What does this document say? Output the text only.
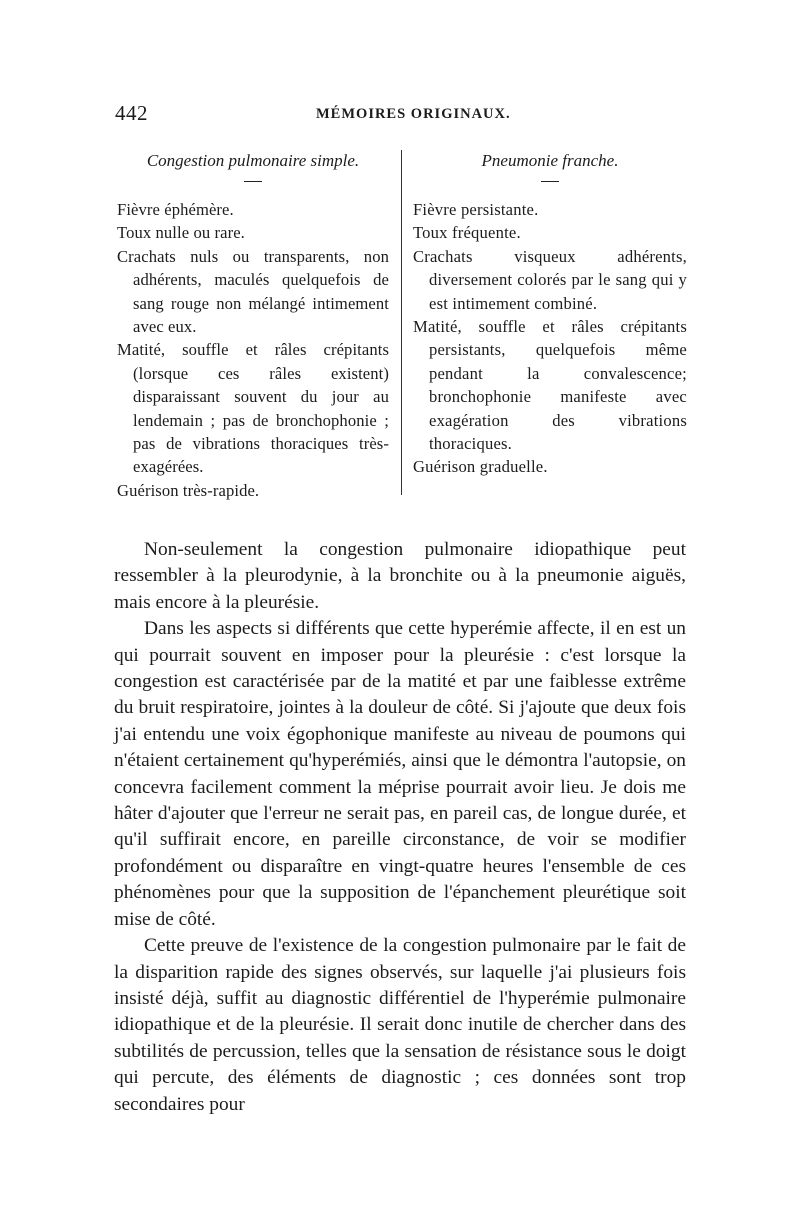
442	MÉMOIRES ORIGINAUX.
Congestion pulmonaire simple.

Fièvre éphémère.

Toux nulle ou rare.

Crachats nuls ou transparents, non adhérents, maculés quelquefois de sang rouge non mélangé intimement avec eux.

Matité, souffle et râles crépitants (lorsque ces râles existent) disparaissant souvent du jour au lendemain ; pas de bronchophonie ; pas de vibrations thoraciques très-exagérées.

Guérison très-rapide.

Pneumonie franche.

Fièvre persistante.

Toux fréquente.

Crachats visqueux adhérents, diversement colorés par le sang qui y est intimement combiné.

Matité, souffle et râles crépitants persistants, quelquefois même pendant la convalescence; bronchophonie manifeste avec exagération des vibrations thoraciques.

Guérison graduelle.

Non-seulement la congestion pulmonaire idiopathique peut ressembler à la pleurodynie, à la bronchite ou à la pneumonie aiguës, mais encore à la pleurésie.

Dans les aspects si différents que cette hyperémie affecte, il en est un qui pourrait souvent en imposer pour la pleurésie : c'est lorsque la congestion est caractérisée par de la matité et par une faiblesse extrême du bruit respiratoire, jointes à la douleur de côté. Si j'ajoute que deux fois j'ai entendu une voix égophonique manifeste au niveau de poumons qui n'étaient certainement qu'hyperémiés, ainsi que le démontra l'autopsie, on concevra facilement comment la méprise pourrait avoir lieu. Je dois me hâter d'ajouter que l'erreur ne serait pas, en pareil cas, de longue durée, et qu'il suffirait encore, en pareille circonstance, de voir se modifier profondément ou disparaître en vingt-quatre heures l'ensemble de ces phénomènes pour que la supposition de l'épanchement pleurétique soit mise de côté.

Cette preuve de l'existence de la congestion pulmonaire par le fait de la disparition rapide des signes observés, sur laquelle j'ai plusieurs fois insisté déjà, suffit au diagnostic différentiel de l'hyperémie pulmonaire idiopathique et de la pleurésie. Il serait donc inutile de chercher dans des subtilités de percussion, telles que la sensation de résistance sous le doigt qui percute, des éléments de diagnostic ; ces données sont trop secondaires pour
